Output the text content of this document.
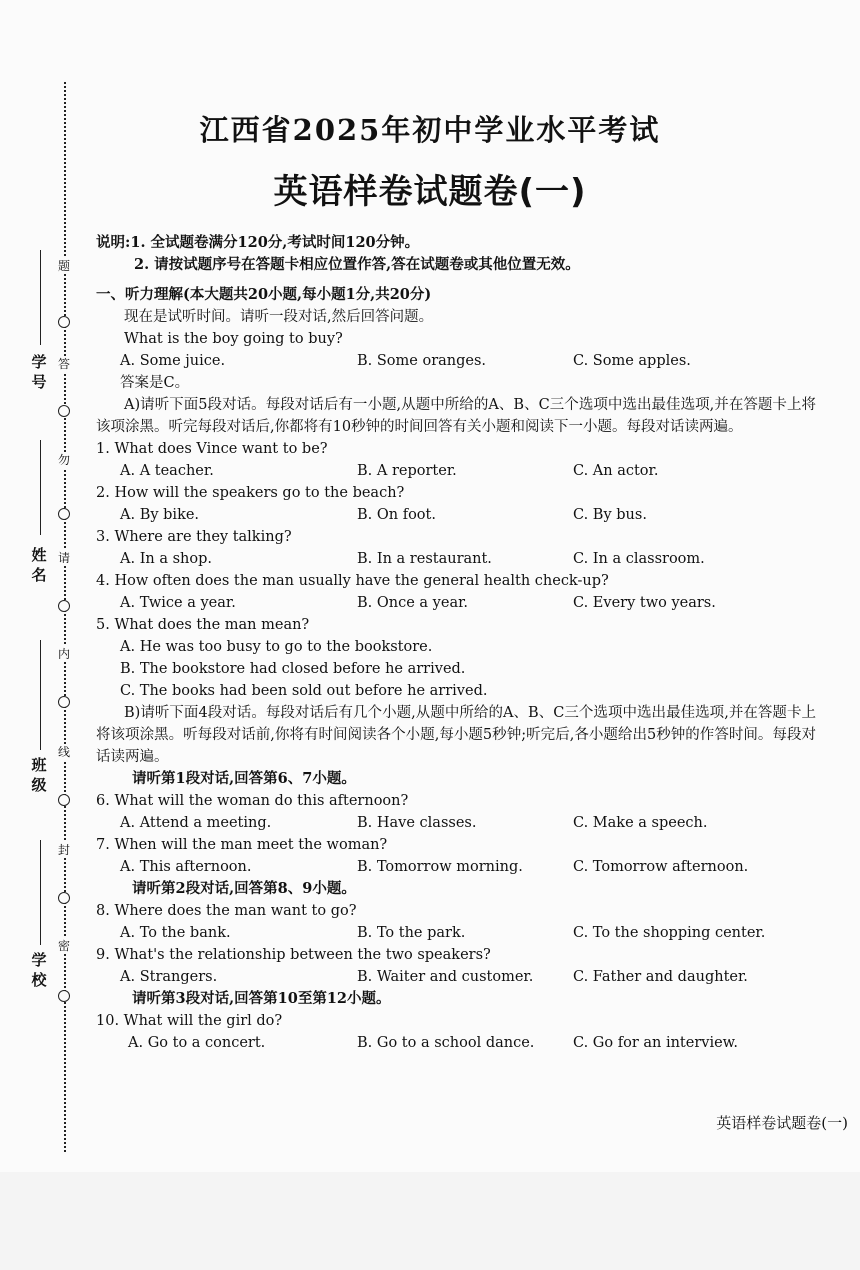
题
答
勿
请
内
线
封
密
学号
姓名
班级
学校
江西省2025年初中学业水平考试
英语样卷试题卷(一)
说明:1. 全试题卷满分120分,考试时间120分钟。
2. 请按试题序号在答题卡相应位置作答,答在试题卷或其他位置无效。
一、听力理解(本大题共20小题,每小题1分,共20分)
现在是试听时间。请听一段对话,然后回答问题。
What is the boy going to buy?
A. Some juice.	B. Some oranges.	C. Some apples.
答案是C。
A)请听下面5段对话。每段对话后有一小题,从题中所给的A、B、C三个选项中选出最佳选项,并在答题卡上将该项涂黑。听完每段对话后,你都将有10秒钟的时间回答有关小题和阅读下一小题。每段对话读两遍。
1. What does Vince want to be?
A. A teacher.	B. A reporter.	C. An actor.
2. How will the speakers go to the beach?
A. By bike.	B. On foot.	C. By bus.
3. Where are they talking?
A. In a shop.	B. In a restaurant.	C. In a classroom.
4. How often does the man usually have the general health check-up?
A. Twice a year.	B. Once a year.	C. Every two years.
5. What does the man mean?
A. He was too busy to go to the bookstore.
B. The bookstore had closed before he arrived.
C. The books had been sold out before he arrived.
B)请听下面4段对话。每段对话后有几个小题,从题中所给的A、B、C三个选项中选出最佳选项,并在答题卡上将该项涂黑。听每段对话前,你将有时间阅读各个小题,每小题5秒钟;听完后,各小题给出5秒钟的作答时间。每段对话读两遍。
请听第1段对话,回答第6、7小题。
6. What will the woman do this afternoon?
A. Attend a meeting.	B. Have classes.	C. Make a speech.
7. When will the man meet the woman?
A. This afternoon.	B. Tomorrow morning.	C. Tomorrow afternoon.
请听第2段对话,回答第8、9小题。
8. Where does the man want to go?
A. To the bank.	B. To the park.	C. To the shopping center.
9. What's the relationship between the two speakers?
A. Strangers.	B. Waiter and customer.	C. Father and daughter.
请听第3段对话,回答第10至第12小题。
10. What will the girl do?
A. Go to a concert.	B. Go to a school dance.	C. Go for an interview.
英语样卷试题卷(一)
